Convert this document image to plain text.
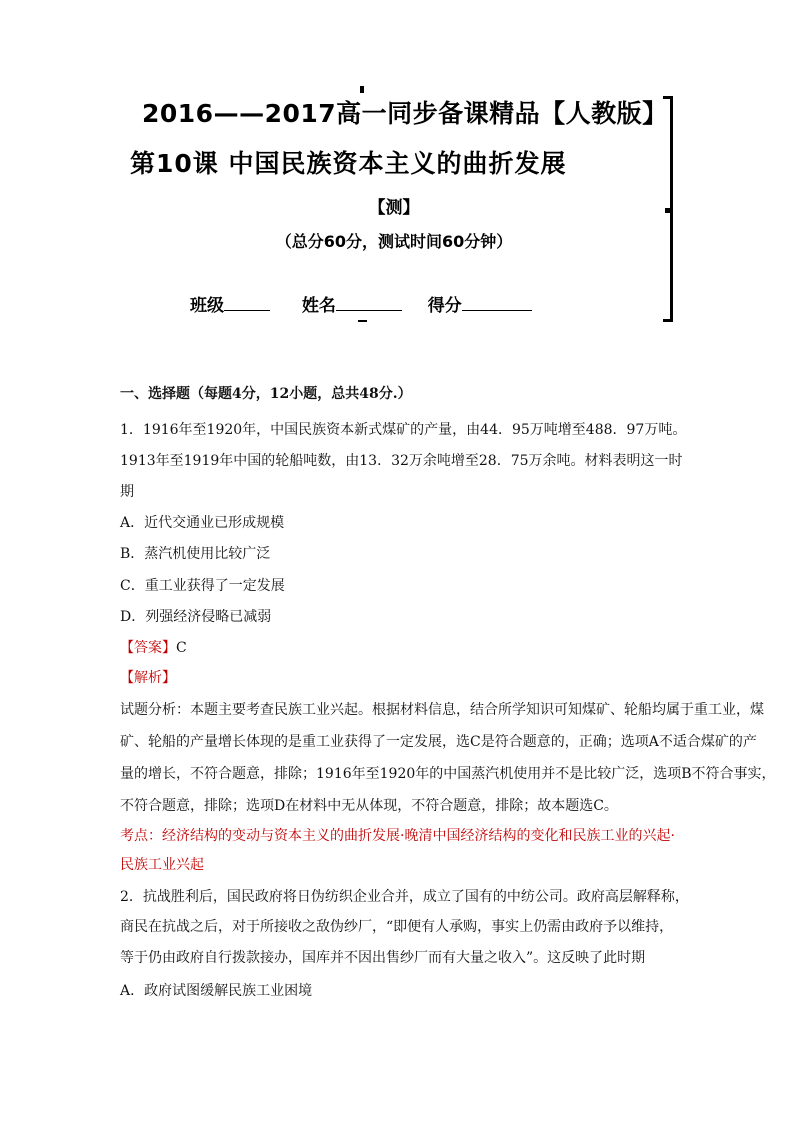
2016——2017高一同步备课精品【人教版】
第10课 中国民族资本主义的曲折发展
【测】
（总分60分，测试时间60分钟）
班级	姓名	得分
一、选择题（每题4分，12小题，总共48分.）
1．1916年至1920年，中国民族资本新式煤矿的产量，由44．95万吨增至488．97万吨。
1913年至1919年中国的轮船吨数，由13．32万余吨增至28．75万余吨。材料表明这一时
期
A．近代交通业已形成规模
B．蒸汽机使用比较广泛
C．重工业获得了一定发展
D．列强经济侵略已减弱
【答案】C
【解析】
试题分析：本题主要考查民族工业兴起。根据材料信息，结合所学知识可知煤矿、轮船均属于重工业，煤
矿、轮船的产量增长体现的是重工业获得了一定发展，选C是符合题意的，正确；选项A不适合煤矿的产
量的增长，不符合题意，排除；1916年至1920年的中国蒸汽机使用并不是比较广泛，选项B不符合事实，
不符合题意，排除；选项D在材料中无从体现，不符合题意，排除；故本题选C。
考点：经济结构的变动与资本主义的曲折发展·晚清中国经济结构的变化和民族工业的兴起·
民族工业兴起
2．抗战胜利后，国民政府将日伪纺织企业合并，成立了国有的中纺公司。政府高层解释称，
商民在抗战之后，对于所接收之敌伪纱厂，“即便有人承购，事实上仍需由政府予以维持，
等于仍由政府自行拨款接办，国库并不因出售纱厂而有大量之收入”。这反映了此时期
A．政府试图缓解民族工业困境
